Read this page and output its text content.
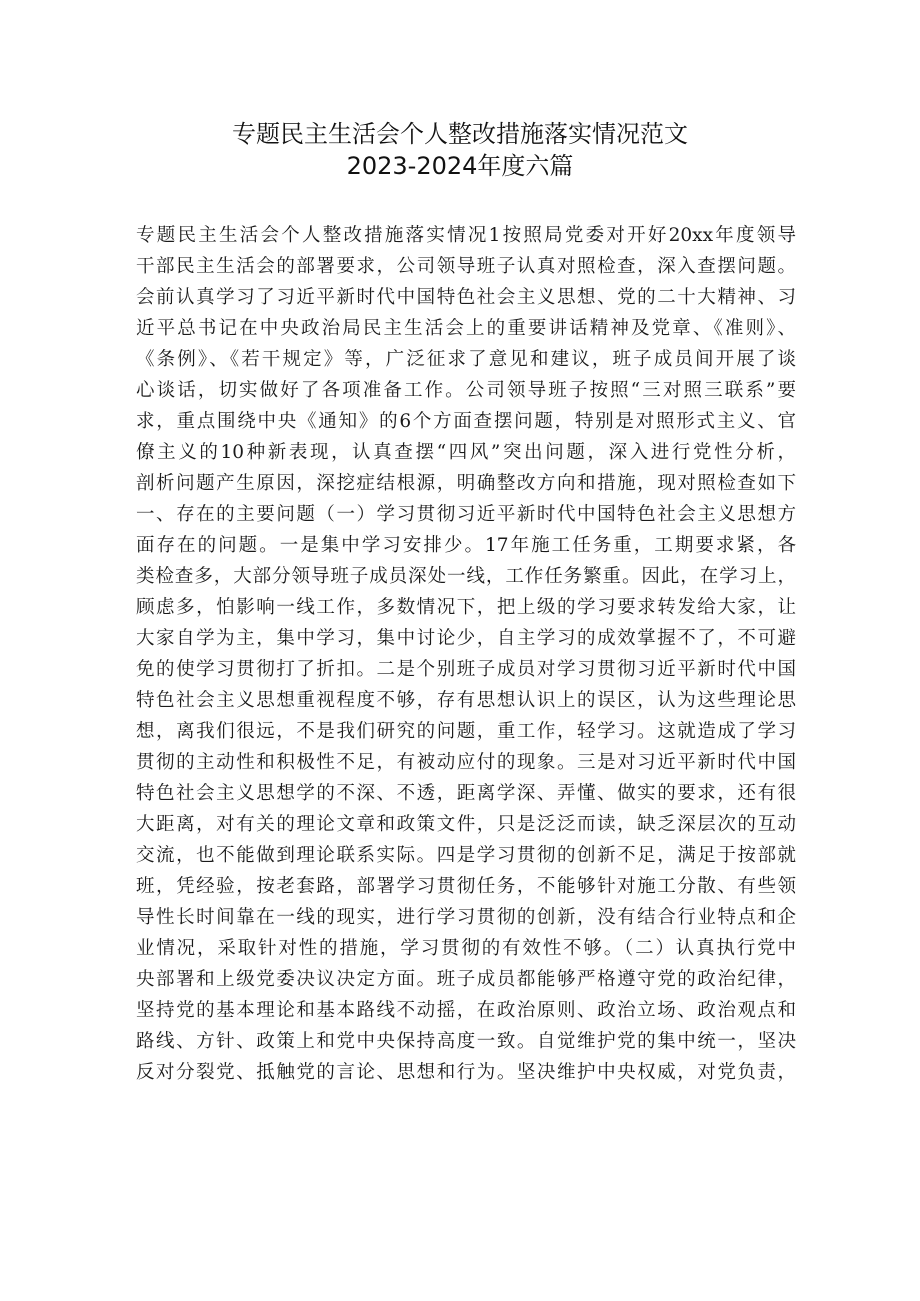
专题民主生活会个人整改措施落实情况范文
2023-2024年度六篇
专题民主生活会个人整改措施落实情况1按照局党委对开好20xx年度领导
干部民主生活会的部署要求，公司领导班子认真对照检查，深入查摆问题。
会前认真学习了习近平新时代中国特色社会主义思想、党的二十大精神、习
近平总书记在中央政治局民主生活会上的重要讲话精神及党章、《准则》、
《条例》、《若干规定》等，广泛征求了意见和建议，班子成员间开展了谈
心谈话，切实做好了各项准备工作。公司领导班子按照“三对照三联系”要
求，重点围绕中央《通知》的6个方面查摆问题，特别是对照形式主义、官
僚主义的10种新表现，认真查摆“四风”突出问题，深入进行党性分析，
剖析问题产生原因，深挖症结根源，明确整改方向和措施，现对照检查如下
一、存在的主要问题（一）学习贯彻习近平新时代中国特色社会主义思想方
面存在的问题。一是集中学习安排少。17年施工任务重，工期要求紧，各
类检查多，大部分领导班子成员深处一线，工作任务繁重。因此，在学习上，
顾虑多，怕影响一线工作，多数情况下，把上级的学习要求转发给大家，让
大家自学为主，集中学习，集中讨论少，自主学习的成效掌握不了，不可避
免的使学习贯彻打了折扣。二是个别班子成员对学习贯彻习近平新时代中国
特色社会主义思想重视程度不够，存有思想认识上的误区，认为这些理论思
想，离我们很远，不是我们研究的问题，重工作，轻学习。这就造成了学习
贯彻的主动性和积极性不足，有被动应付的现象。三是对习近平新时代中国
特色社会主义思想学的不深、不透，距离学深、弄懂、做实的要求，还有很
大距离，对有关的理论文章和政策文件，只是泛泛而读，缺乏深层次的互动
交流，也不能做到理论联系实际。四是学习贯彻的创新不足，满足于按部就
班，凭经验，按老套路，部署学习贯彻任务，不能够针对施工分散、有些领
导性长时间靠在一线的现实，进行学习贯彻的创新，没有结合行业特点和企
业情况，采取针对性的措施，学习贯彻的有效性不够。（二）认真执行党中
央部署和上级党委决议决定方面。班子成员都能够严格遵守党的政治纪律，
坚持党的基本理论和基本路线不动摇，在政治原则、政治立场、政治观点和
路线、方针、政策上和党中央保持高度一致。自觉维护党的集中统一，坚决
反对分裂党、抵触党的言论、思想和行为。坚决维护中央权威，对党负责，
